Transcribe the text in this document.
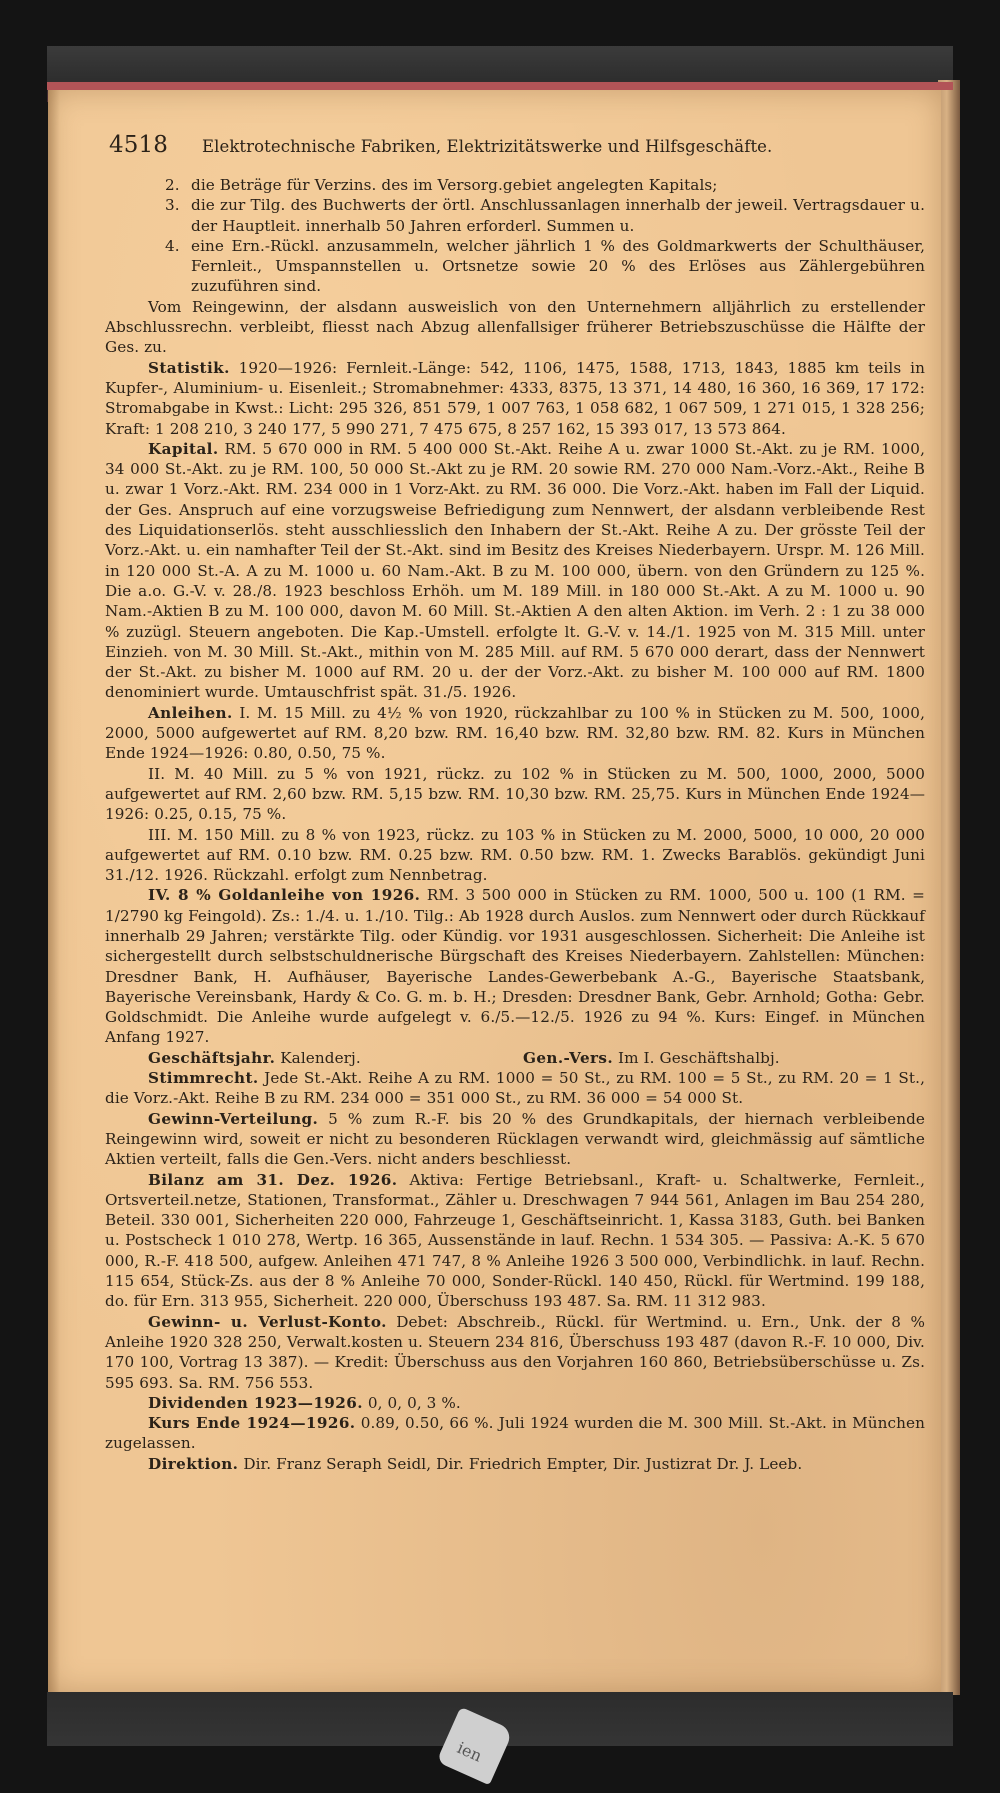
4518 Elektrotechnische Fabriken, Elektrizitätswerke und Hilfsgeschäfte.
2. die Beträge für Verzins. des im Versorg.gebiet angelegten Kapitals;
3. die zur Tilg. des Buchwerts der örtl. Anschlussanlagen innerhalb der jeweil. Vertragsdauer u. der Hauptleit. innerhalb 50 Jahren erforderl. Summen u.
4. eine Ern.-Rückl. anzusammeln, welcher jährlich 1 % des Goldmarkwerts der Schulthäuser, Fernleit., Umspannstellen u. Ortsnetze sowie 20 % des Erlöses aus Zählergebühren zuzuführen sind.

Vom Reingewinn, der alsdann ausweislich von den Unternehmern alljährlich zu erstellender Abschlussrechn. verbleibt, fliesst nach Abzug allenfallsiger früherer Betriebszuschüsse die Hälfte der Ges. zu.

Statistik. 1920—1926: Fernleit.-Länge: 542, 1106, 1475, 1588, 1713, 1843, 1885 km teils in Kupfer-, Aluminium- u. Eisenleit.; Stromabnehmer: 4333, 8375, 13 371, 14 480, 16 360, 16 369, 17 172: Stromabgabe in Kwst.: Licht: 295 326, 851 579, 1 007 763, 1 058 682, 1 067 509, 1 271 015, 1 328 256; Kraft: 1 208 210, 3 240 177, 5 990 271, 7 475 675, 8 257 162, 15 393 017, 13 573 864.

Kapital. RM. 5 670 000 in RM. 5 400 000 St.-Akt. Reihe A u. zwar 1000 St.-Akt. zu je RM. 1000, 34 000 St.-Akt. zu je RM. 100, 50 000 St.-Akt zu je RM. 20 sowie RM. 270 000 Nam.-Vorz.-Akt., Reihe B u. zwar 1 Vorz.-Akt. RM. 234 000 in 1 Vorz-Akt. zu RM. 36 000. Die Vorz.-Akt. haben im Fall der Liquid. der Ges. Anspruch auf eine vorzugsweise Befriedigung zum Nennwert, der alsdann verbleibende Rest des Liquidationserlös. steht ausschliesslich den Inhabern der St.-Akt. Reihe A zu. Der grösste Teil der Vorz.-Akt. u. ein namhafter Teil der St.-Akt. sind im Besitz des Kreises Niederbayern. Urspr. M. 126 Mill. in 120 000 St.-A. A zu M. 1000 u. 60 Nam.-Akt. B zu M. 100 000, übern. von den Gründern zu 125 %. Die a.o. G.-V. v. 28./8. 1923 beschloss Erhöh. um M. 189 Mill. in 180 000 St.-Akt. A zu M. 1000 u. 90 Nam.-Aktien B zu M. 100 000, davon M. 60 Mill. St.-Aktien A den alten Aktion. im Verh. 2 : 1 zu 38 000 % zuzügl. Steuern angeboten. Die Kap.-Umstell. erfolgte lt. G.-V. v. 14./1. 1925 von M. 315 Mill. unter Einzieh. von M. 30 Mill. St.-Akt., mithin von M. 285 Mill. auf RM. 5 670 000 derart, dass der Nennwert der St.-Akt. zu bisher M. 1000 auf RM. 20 u. der der Vorz.-Akt. zu bisher M. 100 000 auf RM. 1800 denominiert wurde. Umtauschfrist spät. 31./5. 1926.

Anleihen. I. M. 15 Mill. zu 4½ % von 1920, rückzahlbar zu 100 % in Stücken zu M. 500, 1000, 2000, 5000 aufgewertet auf RM. 8,20 bzw. RM. 16,40 bzw. RM. 32,80 bzw. RM. 82. Kurs in München Ende 1924—1926: 0.80, 0.50, 75 %.

II. M. 40 Mill. zu 5 % von 1921, rückz. zu 102 % in Stücken zu M. 500, 1000, 2000, 5000 aufgewertet auf RM. 2,60 bzw. RM. 5,15 bzw. RM. 10,30 bzw. RM. 25,75. Kurs in München Ende 1924—1926: 0.25, 0.15, 75 %.

III. M. 150 Mill. zu 8 % von 1923, rückz. zu 103 % in Stücken zu M. 2000, 5000, 10 000, 20 000 aufgewertet auf RM. 0.10 bzw. RM. 0.25 bzw. RM. 0.50 bzw. RM. 1. Zwecks Barablös. gekündigt Juni 31./12. 1926. Rückzahl. erfolgt zum Nennbetrag.

IV. 8 % Goldanleihe von 1926. RM. 3 500 000 in Stücken zu RM. 1000, 500 u. 100 (1 RM. = 1/2790 kg Feingold). Zs.: 1./4. u. 1./10. Tilg.: Ab 1928 durch Auslos. zum Nennwert oder durch Rückkauf innerhalb 29 Jahren; verstärkte Tilg. oder Kündig. vor 1931 ausgeschlossen. Sicherheit: Die Anleihe ist sichergestellt durch selbstschuldnerische Bürgschaft des Kreises Niederbayern. Zahlstellen: München: Dresdner Bank, H. Aufhäuser, Bayerische Landes-Gewerbebank A.-G., Bayerische Staatsbank, Bayerische Vereinsbank, Hardy & Co. G. m. b. H.; Dresden: Dresdner Bank, Gebr. Arnhold; Gotha: Gebr. Goldschmidt. Die Anleihe wurde aufgelegt v. 6./5.—12./5. 1926 zu 94 %. Kurs: Eingef. in München Anfang 1927.

Geschäftsjahr. Kalenderj.	Gen.-Vers. Im I. Geschäftshalbj.

Stimmrecht. Jede St.-Akt. Reihe A zu RM. 1000 = 50 St., zu RM. 100 = 5 St., zu RM. 20 = 1 St., die Vorz.-Akt. Reihe B zu RM. 234 000 = 351 000 St., zu RM. 36 000 = 54 000 St.

Gewinn-Verteilung. 5 % zum R.-F. bis 20 % des Grundkapitals, der hiernach verbleibende Reingewinn wird, soweit er nicht zu besonderen Rücklagen verwandt wird, gleichmässig auf sämtliche Aktien verteilt, falls die Gen.-Vers. nicht anders beschliesst.

Bilanz am 31. Dez. 1926. Aktiva: Fertige Betriebsanl., Kraft- u. Schaltwerke, Fernleit., Ortsverteil.netze, Stationen, Transformat., Zähler u. Dreschwagen 7 944 561, Anlagen im Bau 254 280, Beteil. 330 001, Sicherheiten 220 000, Fahrzeuge 1, Geschäftseinricht. 1, Kassa 3183, Guth. bei Banken u. Postscheck 1 010 278, Wertp. 16 365, Aussenstände in lauf. Rechn. 1 534 305. — Passiva: A.-K. 5 670 000, R.-F. 418 500, aufgew. Anleihen 471 747, 8 % Anleihe 1926 3 500 000, Verbindlichk. in lauf. Rechn. 115 654, Stück-Zs. aus der 8 % Anleihe 70 000, Sonder-Rückl. 140 450, Rückl. für Wertmind. 199 188, do. für Ern. 313 955, Sicherheit. 220 000, Überschuss 193 487. Sa. RM. 11 312 983.

Gewinn- u. Verlust-Konto. Debet: Abschreib., Rückl. für Wertmind. u. Ern., Unk. der 8 % Anleihe 1920 328 250, Verwalt.kosten u. Steuern 234 816, Überschuss 193 487 (davon R.-F. 10 000, Div. 170 100, Vortrag 13 387). — Kredit: Überschuss aus den Vorjahren 160 860, Betriebsüberschüsse u. Zs. 595 693. Sa. RM. 756 553.

Dividenden 1923—1926. 0, 0, 0, 3 %.

Kurs Ende 1924—1926. 0.89, 0.50, 66 %. Juli 1924 wurden die M. 300 Mill. St.-Akt. in München zugelassen.

Direktion. Dir. Franz Seraph Seidl, Dir. Friedrich Empter, Dir. Justizrat Dr. J. Leeb.

ien
